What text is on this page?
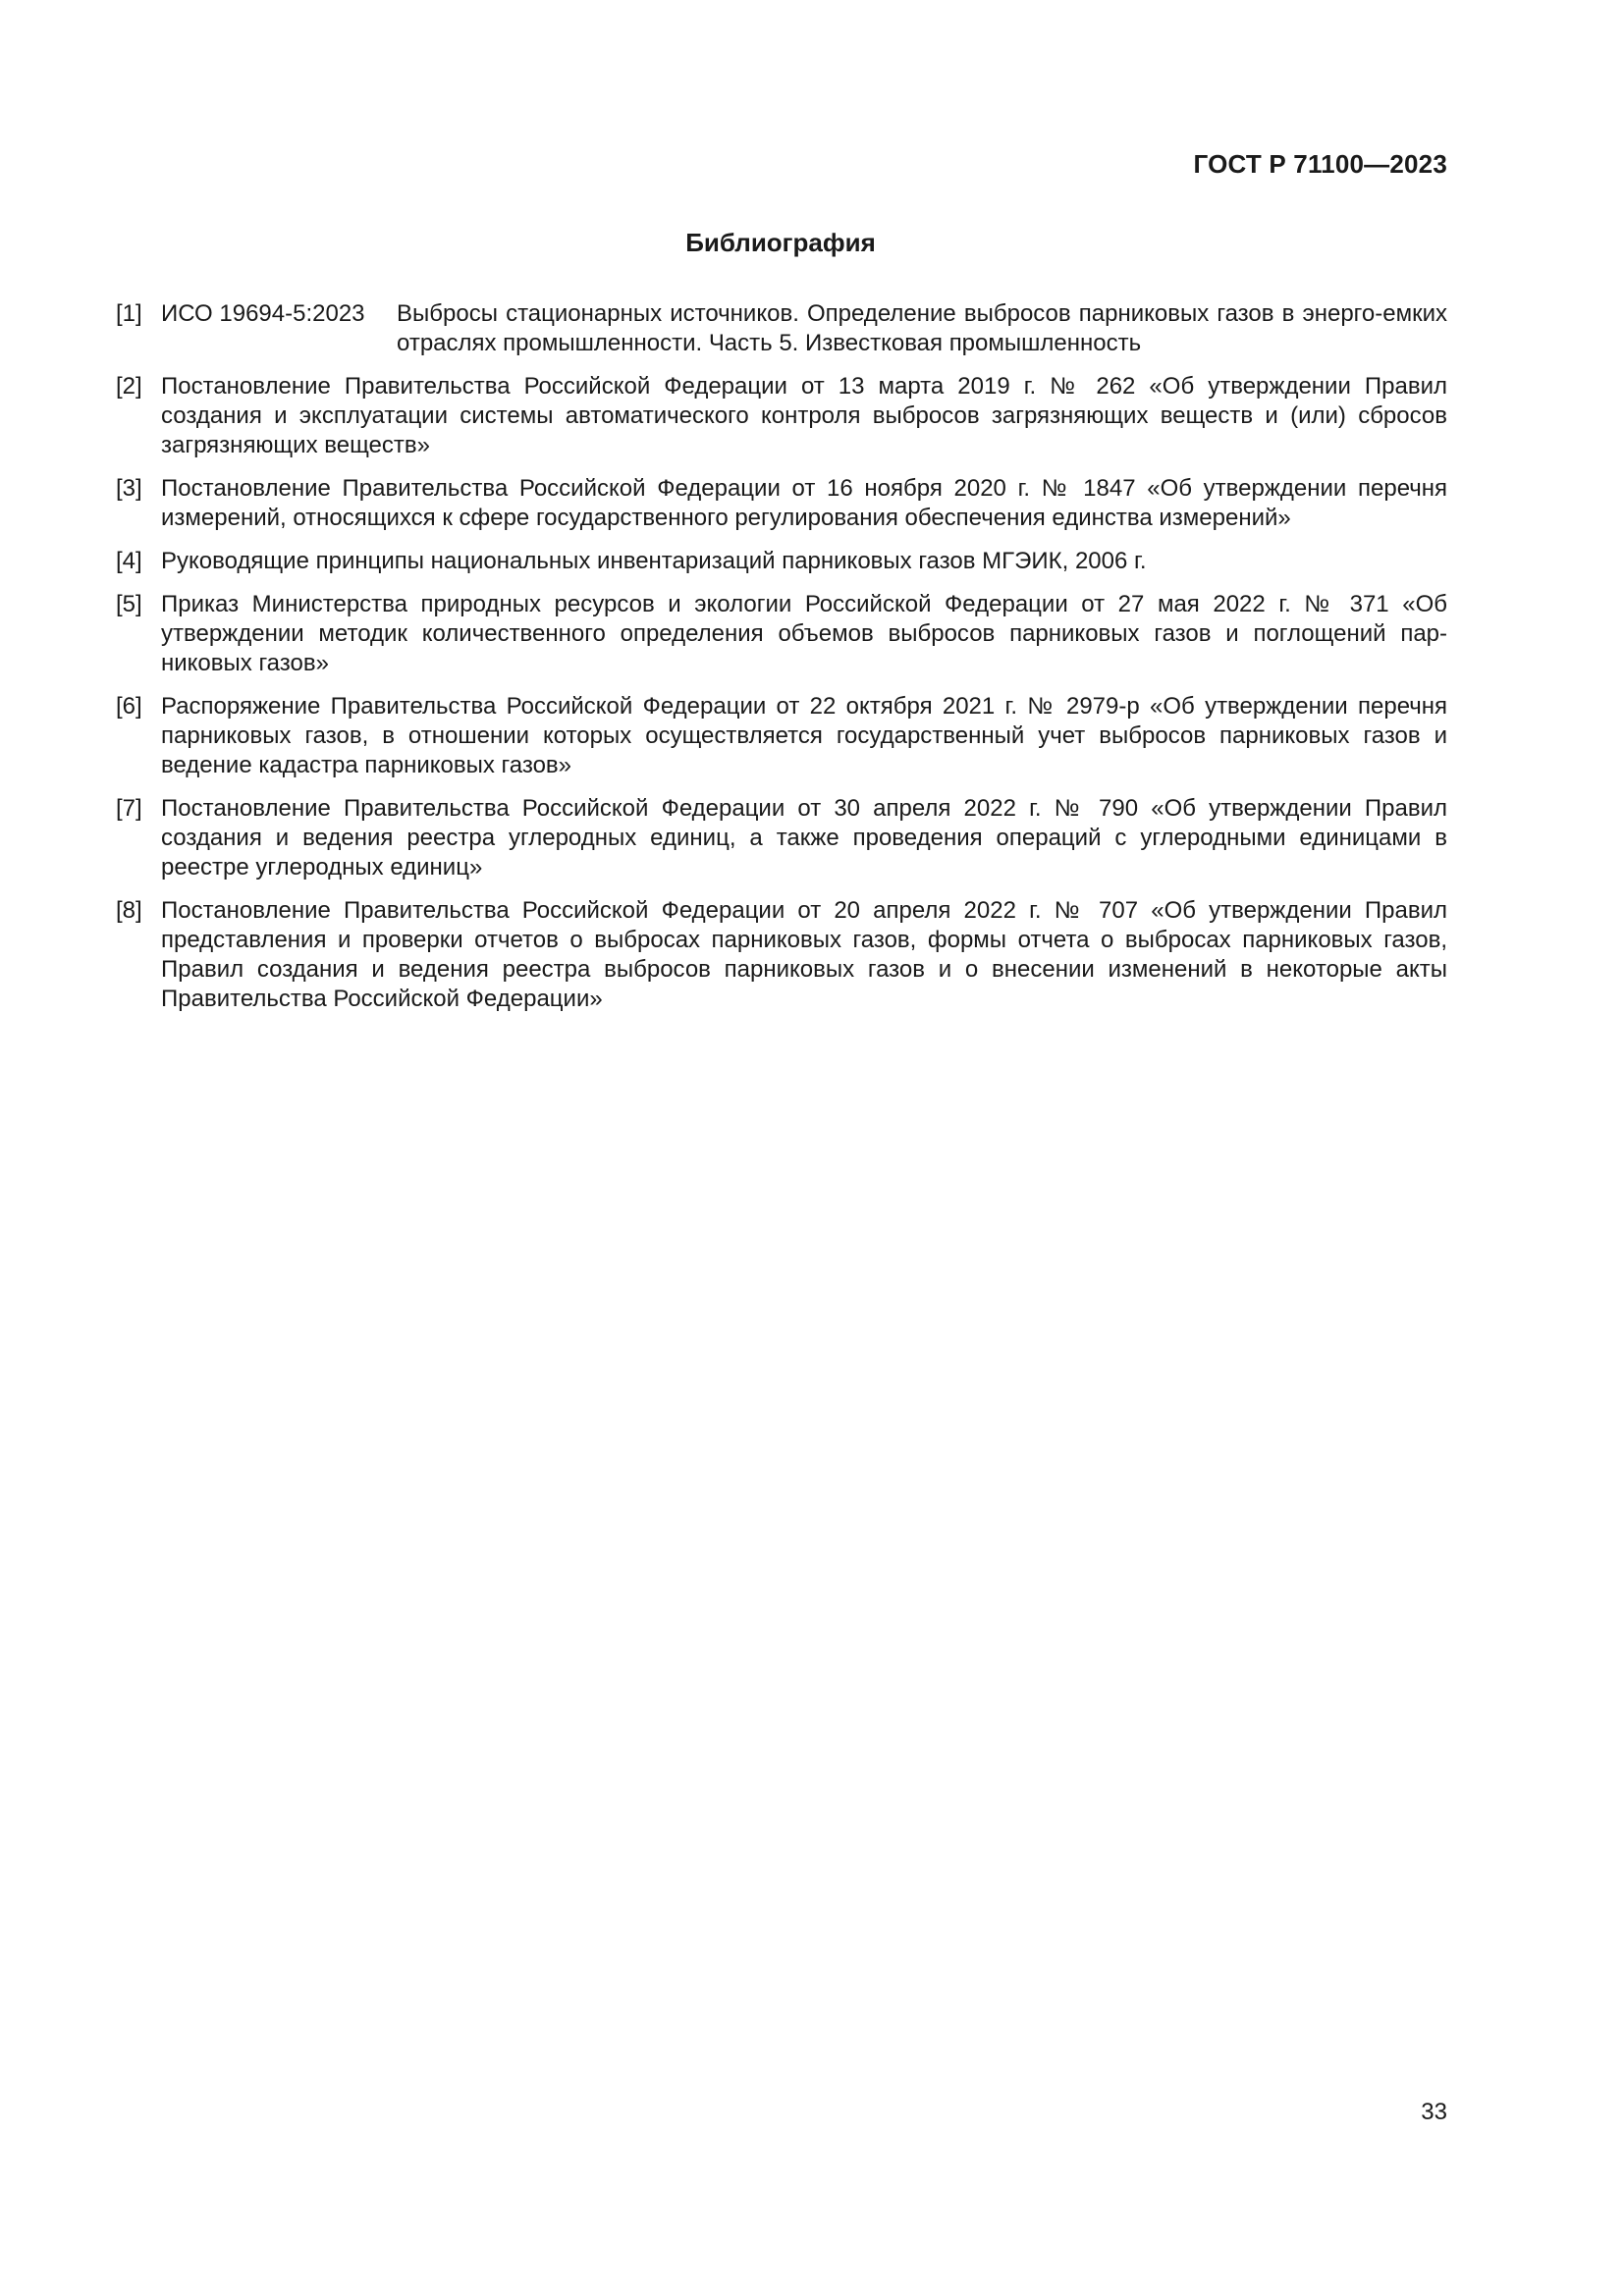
ГОСТ Р 71100—2023
Библиография
[1] ИСО 19694-5:2023	Выбросы стационарных источников. Определение выбросов парниковых газов в энерго-емких отраслях промышленности. Часть 5. Известковая промышленность
[2] Постановление Правительства Российской Федерации от 13 марта 2019 г. № 262 «Об утверждении Правил создания и эксплуатации системы автоматического контроля выбросов загрязняющих веществ и (или) сбросов загрязняющих веществ»
[3] Постановление Правительства Российской Федерации от 16 ноября 2020 г. № 1847 «Об утверждении перечня измерений, относящихся к сфере государственного регулирования обеспечения единства измерений»
[4] Руководящие принципы национальных инвентаризаций парниковых газов МГЭИК, 2006 г.
[5] Приказ Министерства природных ресурсов и экологии Российской Федерации от 27 мая 2022 г. № 371 «Об утверждении методик количественного определения объемов выбросов парниковых газов и поглощений пар-никовых газов»
[6] Распоряжение Правительства Российской Федерации от 22 октября 2021 г. № 2979-р «Об утверждении перечня парниковых газов, в отношении которых осуществляется государственный учет выбросов парниковых газов и ведение кадастра парниковых газов»
[7] Постановление Правительства Российской Федерации от 30 апреля 2022 г. № 790 «Об утверждении Правил создания и ведения реестра углеродных единиц, а также проведения операций с углеродными единицами в реестре углеродных единиц»
[8] Постановление Правительства Российской Федерации от 20 апреля 2022 г. № 707 «Об утверждении Правил представления и проверки отчетов о выбросах парниковых газов, формы отчета о выбросах парниковых газов, Правил создания и ведения реестра выбросов парниковых газов и о внесении изменений в некоторые акты Правительства Российской Федерации»
33
